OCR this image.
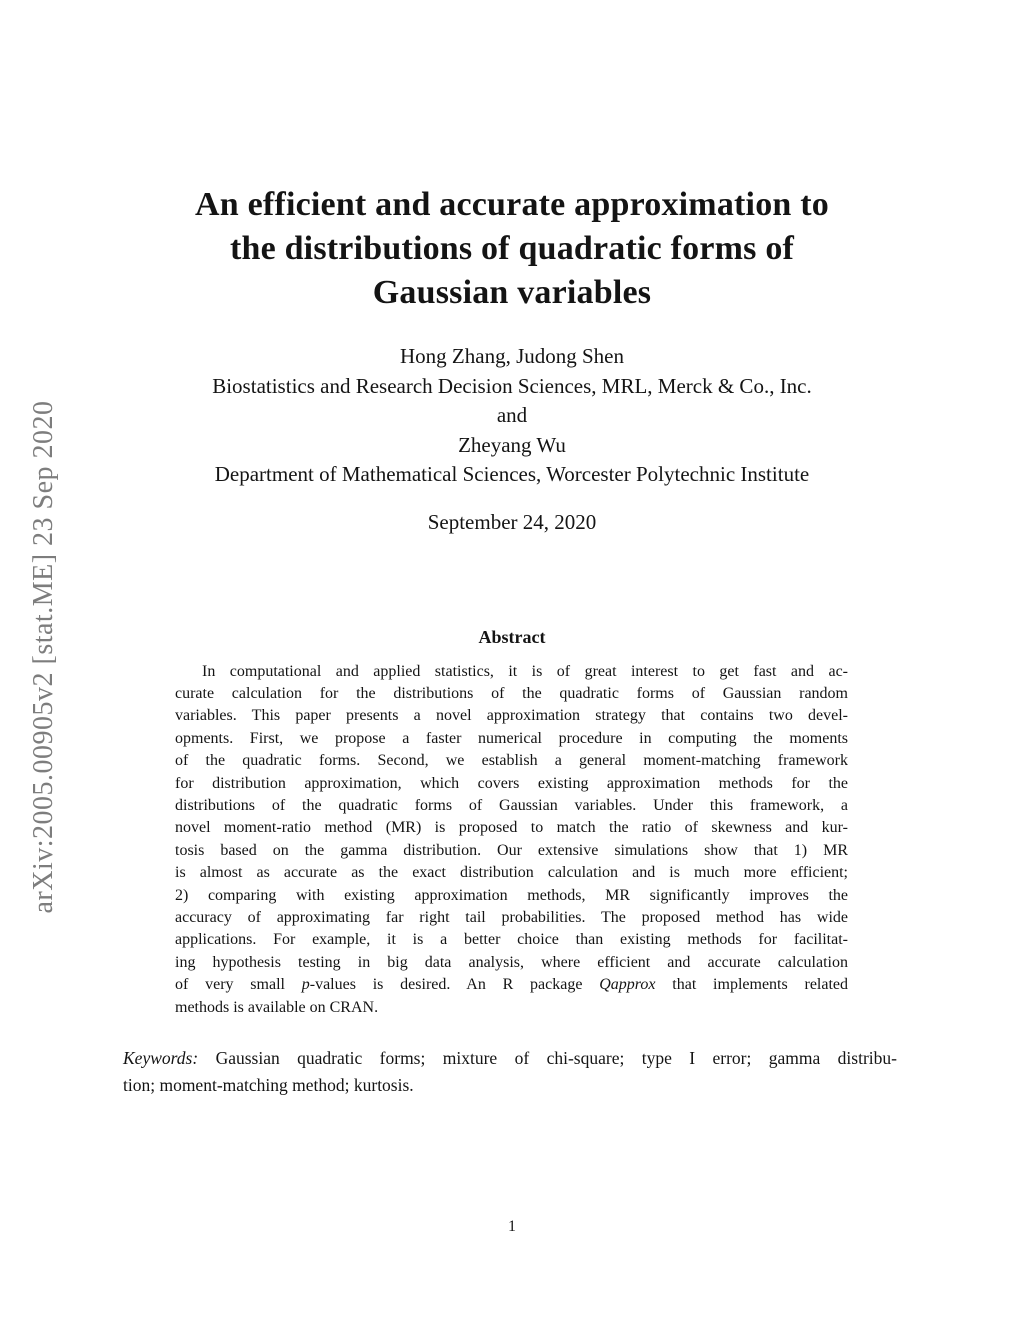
arXiv:2005.00905v2 [stat.ME] 23 Sep 2020
An efficient and accurate approximation to
the distributions of quadratic forms of
Gaussian variables
Hong Zhang, Judong Shen
Biostatistics and Research Decision Sciences, MRL, Merck & Co., Inc.
and
Zheyang Wu
Department of Mathematical Sciences, Worcester Polytechnic Institute
September 24, 2020
Abstract
In computational and applied statistics, it is of great interest to get fast and ac-
curate calculation for the distributions of the quadratic forms of Gaussian random
variables. This paper presents a novel approximation strategy that contains two devel-
opments. First, we propose a faster numerical procedure in computing the moments
of the quadratic forms. Second, we establish a general moment-matching framework
for distribution approximation, which covers existing approximation methods for the
distributions of the quadratic forms of Gaussian variables. Under this framework, a
novel moment-ratio method (MR) is proposed to match the ratio of skewness and kur-
tosis based on the gamma distribution. Our extensive simulations show that 1) MR
is almost as accurate as the exact distribution calculation and is much more efficient;
2) comparing with existing approximation methods, MR significantly improves the
accuracy of approximating far right tail probabilities. The proposed method has wide
applications. For example, it is a better choice than existing methods for facilitat-
ing hypothesis testing in big data analysis, where efficient and accurate calculation
of very small p-values is desired. An R package Qapprox that implements related
methods is available on CRAN.
Keywords: Gaussian quadratic forms; mixture of chi-square; type I error; gamma distribu-
tion; moment-matching method; kurtosis.
1
